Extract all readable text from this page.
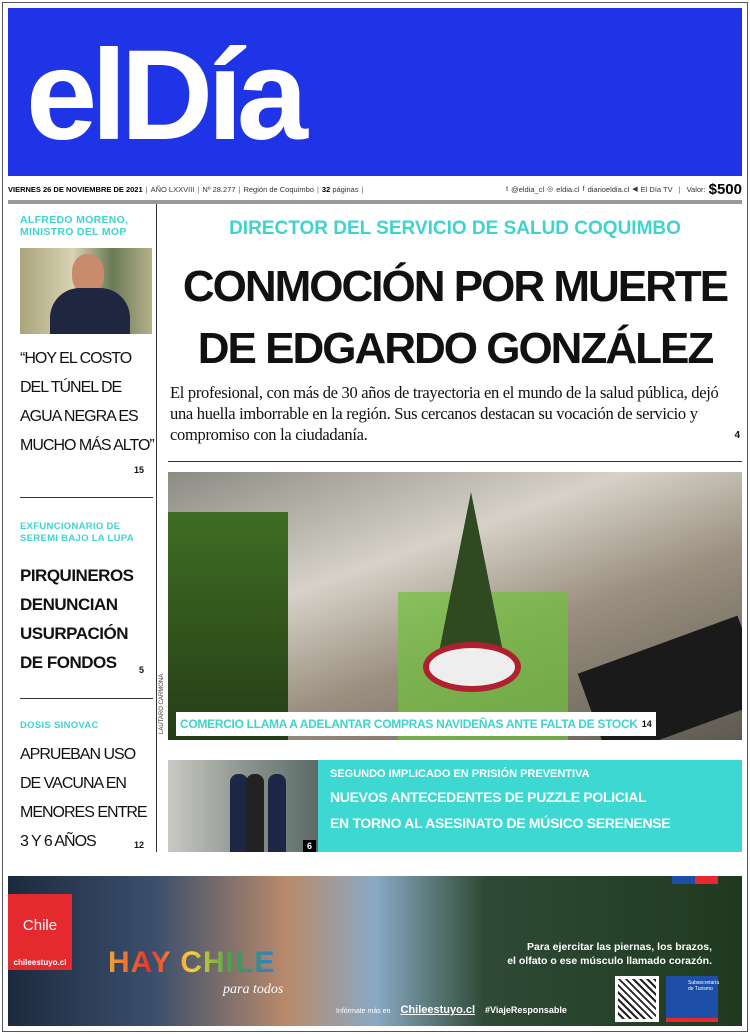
elDía
VIERNES 26 DE NOVIEMBRE DE 2021 | AÑO LXXVIII | Nº 28.277 | Región de Coquimbo | 32
páginas |	t @eldia_cl ◎ eldia.cl f diarioeldia.cl ◀ El Día TV | Valor: $500
ALFREDO MORENO, MINISTRO DEL MOP
“HOY EL COSTO
DEL TÚNEL DE
AGUA NEGRA ES
MUCHO MÁS ALTO”
15
EXFUNCIONARIO DE SEREMI BAJO LA LUPA
PIRQUINEROS
DENUNCIAN
USURPACIÓN
DE FONDOS	5
DOSIS SINOVAC
APRUEBAN USO
DE VACUNA EN
MENORES ENTRE
3 Y 6 AÑOS	12
DIRECTOR DEL SERVICIO DE SALUD COQUIMBO
CONMOCIÓN POR MUERTE
DE EDGARDO GONZÁLEZ
El profesional, con más de 30 años de trayectoria en el mundo de la salud pública, dejó una huella imborrable en la región. Sus cercanos destacan su vocación de servicio y compromiso con la ciudadanía.	4
COMERCIO LLAMA A ADELANTAR COMPRAS NAVIDEÑAS ANTE FALTA DE STOCK 14
LAUTARO CARMONA
6
SEGUNDO IMPLICADO EN PRISIÓN PREVENTIVA
NUEVOS ANTECEDENTES DE PUZZLE POLICIAL
EN TORNO AL ASESINATO DE MÚSICO SERENENSE
Chile
chileestuyo.cl HAY CHILE
para todos
Para ejercitar las piernas, los brazos,
el olfato o ese músculo llamado corazón.
Infórmate más en Chileestuyo.cl #ViajeResponsable
Subsecretaría de Turismo
